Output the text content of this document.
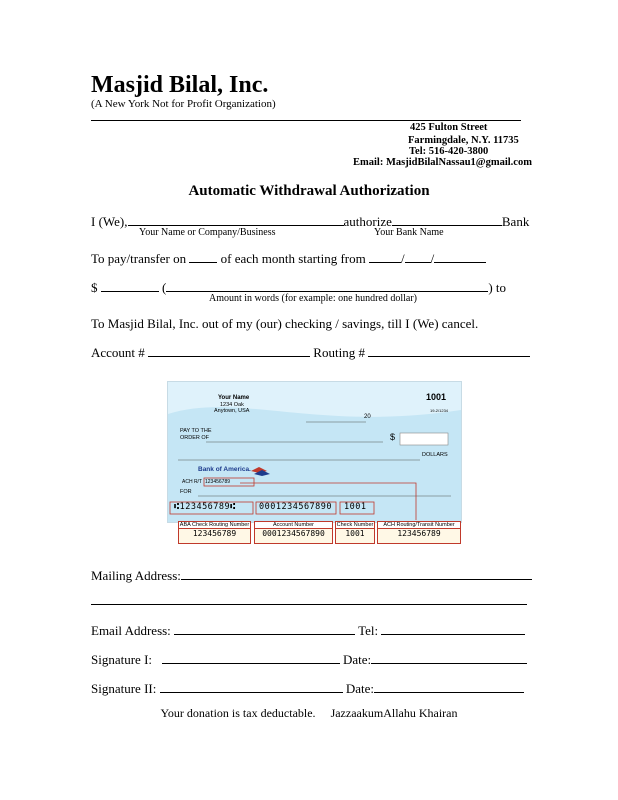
Masjid Bilal, Inc.
(A New York Not for Profit Organization)
425 Fulton Street
Farmingdale, N.Y. 11735
Tel: 516-420-3800
Email: MasjidBilalNassau1@gmail.com
Automatic Withdrawal Authorization
I (We),	authorize	Bank
Your Name or Company/Business	Your Bank Name
To pay/transfer on	of each month starting from	/ /
$	(	) to
Amount in words (for example: one hundred dollar)
To Masjid Bilal, Inc. out of my (our) checking / savings, till I (We) cancel.
Account #	Routing #
Your Name
1234 Oak
Anytown, USA
1001
19-2/1234
20
PAY TO THE
ORDER OF	$
DOLLARS
Bank of America.
ACH R/T 123456789
FOR
⑆123456789⑆	0001234567890 1001
ABA Check Routing Number
123456789
Account Number
0001234567890
Check Number
1001
ACH Routing/Transit Number
123456789
Mailing Address:
Email Address:	Tel:
Signature I:	Date:
Signature II:	Date:
Your donation is tax deductable. JazzaakumAllahu Khairan
